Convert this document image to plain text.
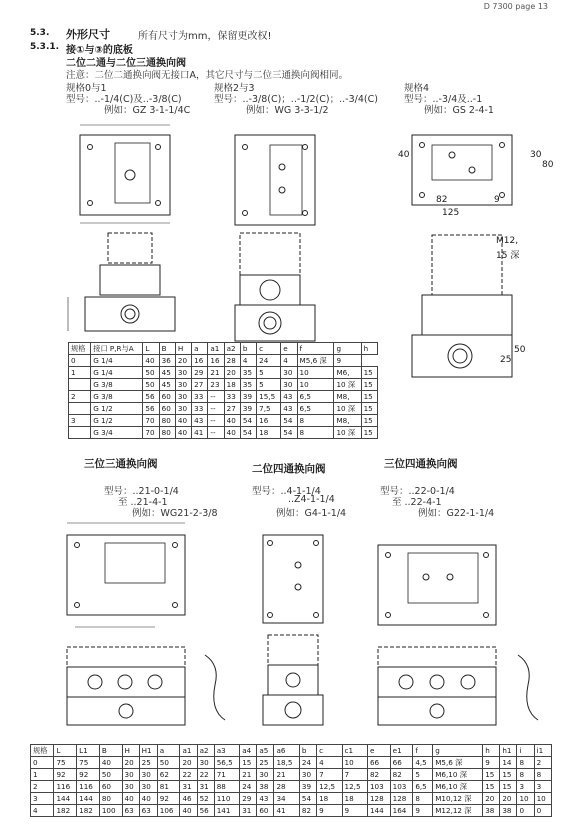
D 7300 page 13
5.3. 外形尺寸	所有尺寸为mm，保留更改权!
5.3.1. 接①与③的底板
二位二通与二位三通换向阀
注意：二位二通换向阀无接口A，其它尺寸与二位三通换向阀相同。
规格0与1
型号：..-1/4(C)及..-3/8(C)
例如：GZ 3-1-1/4C
规格2与3
型号：..-3/8(C)；..-1/2(C)；..-3/4(C)
例如：WG 3-3-1/2
规格4
型号：..-3/4及..-1
例如：GS 2-4-1
40
82
125
9
30
80
50
25
M12,
15 深
规格	接口 P,R与A	L	B	H	a	a1	a2	b	c	e	f	g	h
0	G 1/4	40	36	20	16	16	28	4	24	4	M5,6 深	9	
1	G 1/4	50	45	30	29	21	20	35	5	30	10	M6,	15
	G 3/8	50	45	30	27	23	18	35	5	30	10	10 深	15
2	G 3/8	56	60	30	33	--	33	39	15,5	43	6,5	M8,	15
	G 1/2	56	60	30	33	--	27	39	7,5	43	6,5	10 深	15
3	G 1/2	70	80	40	43	--	40	54	16	54	8	M8,	15
	G 3/4	70	80	40	41	--	40	54	18	54	8	10 深	15
三位三通换向阀
型号：..21-0-1/4
至 ..21-4-1
例如：WG21-2-3/8
二位四通换向阀
型号：..4-1-1/4
..Z4-1-1/4
例如：G4-1-1/4
三位四通换向阀
型号：..22-0-1/4
至 ..22-4-1
例如：G22-1-1/4
规格	L	L1	B	H	H1	a	a1	a2	a3	a4	a5	a6	b	c	c1	e	e1	f	g	h	h1	i	i1
0	75	75	40	20	25	50	20	30	56,5	15	25	18,5	24	4	10	66	66	4,5	M5,6 深	9	14	8	2
1	92	92	50	30	30	62	22	22	71	21	30	21	30	7	7	82	82	5	M6,10 深	15	15	8	8
2	116	116	60	30	30	81	31	31	88	24	38	28	39	12,5	12,5	103	103	6,5	M6,10 深	15	15	3	3
3	144	144	80	40	40	92	46	52	110	29	43	34	54	18	18	128	128	8	M10,12 深	20	20	10	10
4	182	182	100	63	63	106	40	56	141	31	60	41	82	9	9	144	164	9	M12,12 深	38	38	0	0
